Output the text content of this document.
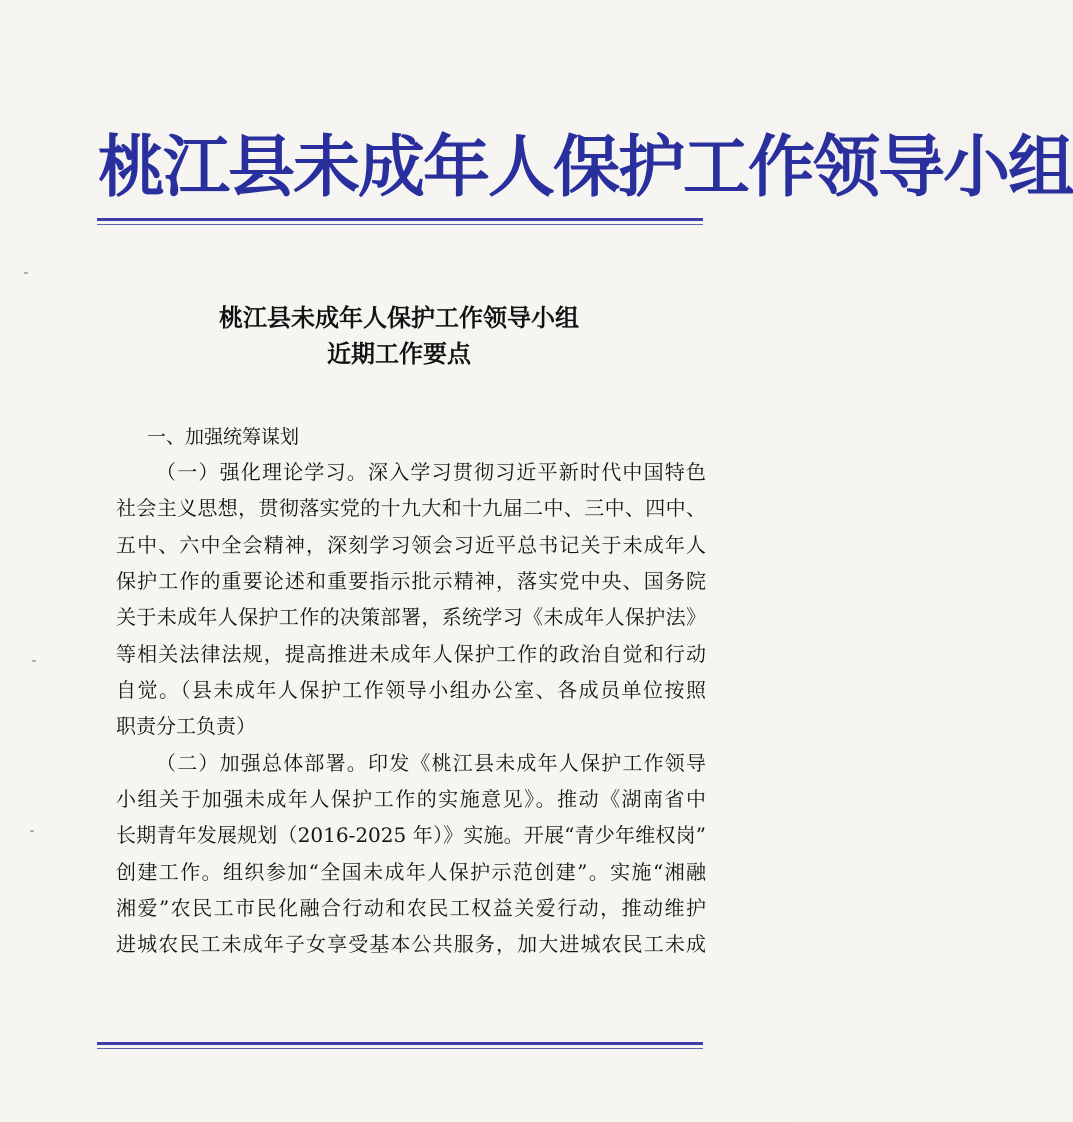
桃江县未成年人保护工作领导小组

桃江县未成年人保护工作领导小组
近期工作要点
一、加强统筹谋划
（一）强化理论学习。深入学习贯彻习近平新时代中国特色
社会主义思想，贯彻落实党的十九大和十九届二中、三中、四中、
五中、六中全会精神，深刻学习领会习近平总书记关于未成年人
保护工作的重要论述和重要指示批示精神，落实党中央、国务院
关于未成年人保护工作的决策部署，系统学习《未成年人保护法》
等相关法律法规，提高推进未成年人保护工作的政治自觉和行动
自觉。（县未成年人保护工作领导小组办公室、各成员单位按照
职责分工负责）
（二）加强总体部署。印发《桃江县未成年人保护工作领导
小组关于加强未成年人保护工作的实施意见》。推动《湖南省中
长期青年发展规划（2016-2025 年）》实施。开展“青少年维权岗”
创建工作。组织参加“全国未成年人保护示范创建”。实施“湘融
湘爱”农民工市民化融合行动和农民工权益关爱行动，推动维护
进城农民工未成年子女享受基本公共服务，加大进城农民工未成
